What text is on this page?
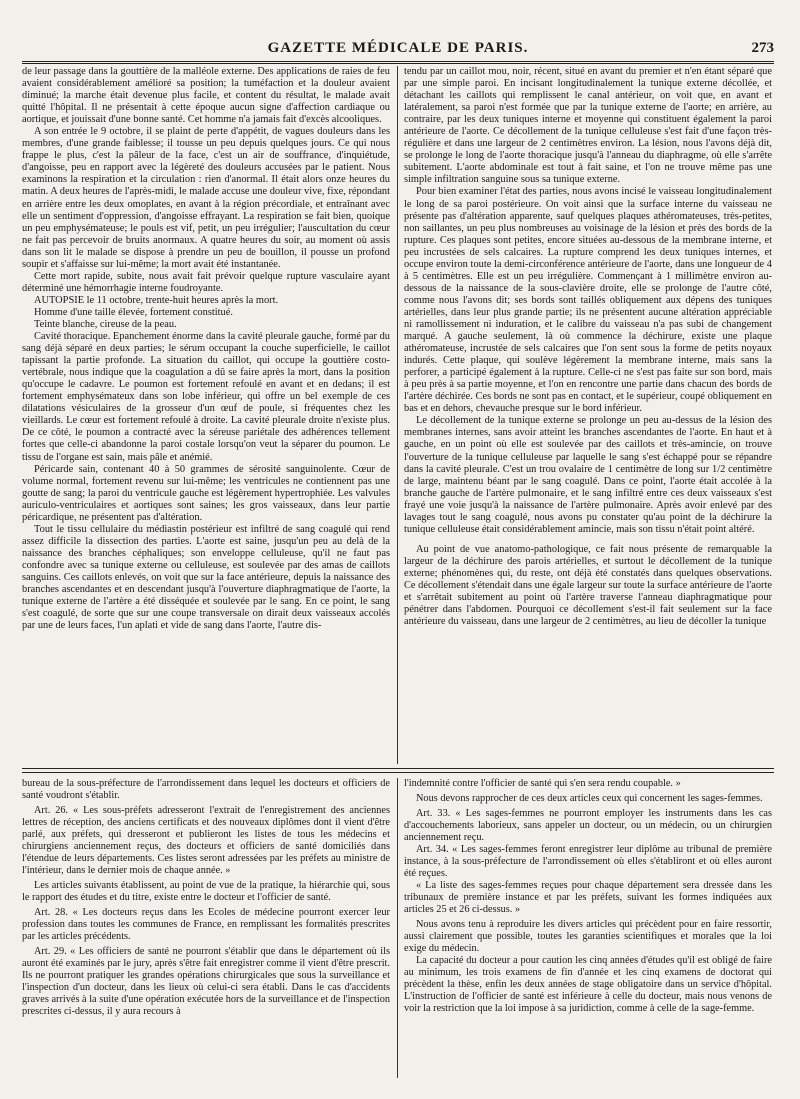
GAZETTE MÉDICALE DE PARIS.	273

de leur passage dans la gouttière de la malléole externe. Des applications de raies de feu avaient considérablement amélioré sa position; la tuméfaction et la douleur avaient diminué; la marche était devenue plus facile, et content du résultat, le malade avait quitté l'hôpital. Il ne présentait à cette époque aucun signe d'affection cardiaque ou aortique, et jouissait d'une bonne santé. Cet homme n'a jamais fait d'excès alcooliques.

A son entrée le 9 octobre, il se plaint de perte d'appétit, de vagues douleurs dans les membres, d'une grande faiblesse; il tousse un peu depuis quelques jours. Ce qui nous frappe le plus, c'est la pâleur de la face, c'est un air de souffrance, d'inquiétude, d'angoisse, peu en rapport avec la légèreté des douleurs accusées par le patient. Nous examinons la respiration et la circulation : rien d'anormal. Il était alors onze heures du matin. A deux heures de l'après-midi, le malade accuse une douleur vive, fixe, répondant en arrière entre les deux omoplates, en avant à la région précordiale, et entraînant avec elle un sentiment d'oppression, d'angoisse effrayant. La respiration se fait bien, quoique un peu emphysémateuse; le pouls est vif, petit, un peu irrégulier; l'auscultation du cœur ne fait pas percevoir de bruits anormaux. A quatre heures du soir, au moment où assis dans son lit le malade se dispose à prendre un peu de bouillon, il pousse un profond soupir et s'affaisse sur lui-même; la mort avait été instantanée.

Cette mort rapide, subite, nous avait fait prévoir quelque rupture vasculaire ayant déterminé une hémorrhagie interne foudroyante.

AUTOPSIE le 11 octobre, trente-huit heures après la mort.

Homme d'une taille élevée, fortement constitué.

Teinte blanche, cireuse de la peau.

Cavité thoracique. Epanchement énorme dans la cavité pleurale gauche, formé par du sang déjà séparé en deux parties; le sérum occupant la couche superficielle, le caillot tapissant la partie profonde. La situation du caillot, qui occupe la gouttière costo-vertébrale, nous indique que la coagulation a dû se faire après la mort, dans la position qu'occupe le cadavre. Le poumon est fortement refoulé en avant et en dedans; il est fortement emphysémateux dans son lobe inférieur, qui offre un bel exemple de ces dilatations vésiculaires de la grosseur d'un œuf de poule, si fréquentes chez les vieillards. Le cœur est fortement refoulé à droite. La cavité pleurale droite n'existe plus. De ce côté, le poumon a contracté avec la séreuse pariétale des adhérences tellement fortes que celle-ci abandonne la paroi costale lorsqu'on veut la séparer du poumon. Le tissu de l'organe est sain, mais pâle et anémié.

Péricarde sain, contenant 40 à 50 grammes de sérosité sanguinolente. Cœur de volume normal, fortement revenu sur lui-même; les ventricules ne contiennent pas une goutte de sang; la paroi du ventricule gauche est légèrement hypertrophiée. Les valvules auriculo-ventriculaires et aortiques sont saines; les gros vaisseaux, dans leur partie péricardique, ne présentent pas d'altération.

Tout le tissu cellulaire du médiastin postérieur est infiltré de sang coagulé qui rend assez difficile la dissection des parties. L'aorte est saine, jusqu'un peu au delà de la naissance des branches céphaliques; son enveloppe celluleuse, qu'il ne faut pas confondre avec sa tunique externe ou celluleuse, est soulevée par des amas de caillots sanguins. Ces caillots enlevés, on voit que sur la face antérieure, depuis la naissance des branches ascendantes et en descendant jusqu'à l'ouverture diaphragmatique de l'aorte, la tunique externe de l'artère a été disséquée et soulevée par le sang. En ce point, le sang s'est coagulé, de sorte que sur une coupe transversale on dirait deux vaisseaux accolés par une de leurs faces, l'un aplati et vide de sang dans l'aorte, l'autre dis-

tendu par un caillot mou, noir, récent, situé en avant du premier et n'en étant séparé que par une simple paroi. En incisant longitudinalement la tunique externe décollée, et détachant les caillots qui remplissent le canal antérieur, on voit que, en avant et latéralement, sa paroi n'est formée que par la tunique externe de l'aorte; en arrière, au contraire, par les deux tuniques interne et moyenne qui constituent également la paroi antérieure de l'aorte. Ce décollement de la tunique celluleuse s'est fait d'une façon très-régulière et dans une largeur de 2 centimètres environ. La lésion, nous l'avons déjà dit, se prolonge le long de l'aorte thoracique jusqu'à l'anneau du diaphragme, où elle s'arrête subitement. L'aorte abdominale est tout à fait saine, et l'on ne trouve même pas une simple infiltration sanguine sous sa tunique externe.

Pour bien examiner l'état des parties, nous avons incisé le vaisseau longitudinalement le long de sa paroi postérieure. On voit ainsi que la surface interne du vaisseau ne présente pas d'altération apparente, sauf quelques plaques athéromateuses, très-petites, non saillantes, un peu plus nombreuses au voisinage de la lésion et près des bords de la rupture. Ces plaques sont petites, encore situées au-dessous de la membrane interne, et peu incrustées de sels calcaires. La rupture comprend les deux tuniques internes, et occupe environ toute la demi-circonférence antérieure de l'aorte, dans une longueur de 4 à 5 centimètres. Elle est un peu irrégulière. Commençant à 1 millimètre environ au-dessous de la naissance de la sous-clavière droite, elle se prolonge de l'autre côté, comme nous l'avons dit; ses bords sont taillés obliquement aux dépens des tuniques artérielles, dans leur plus grande partie; ils ne présentent aucune altération appréciable ni ramollissement ni induration, et le calibre du vaisseau n'a pas subi de changement marqué. A gauche seulement, là où commence la déchirure, existe une plaque athéromateuse, incrustée de sels calcaires que l'on sent sous la forme de petits noyaux indurés. Cette plaque, qui soulève légèrement la membrane interne, mais sans la perforer, a participé également à la rupture. Celle-ci ne s'est pas faite sur son bord, mais à peu près à sa partie moyenne, et l'on en rencontre une partie dans chacun des bords de l'artère déchirée. Ces bords ne sont pas en contact, et le supérieur, coupé obliquement en bas et en dehors, chevauche presque sur le bord inférieur.

Le décollement de la tunique externe se prolonge un peu au-dessus de la lésion des membranes internes, sans avoir atteint les branches ascendantes de l'aorte. En haut et à gauche, en un point où elle est soulevée par des caillots et très-amincie, on trouve l'ouverture de la tunique celluleuse par laquelle le sang s'est échappé pour se répandre dans la cavité pleurale. C'est un trou ovalaire de 1 centimètre de long sur 1/2 centimètre de large, maintenu béant par le sang coagulé. Dans ce point, l'aorte était accolée à la branche gauche de l'artère pulmonaire, et le sang infiltré entre ces deux vaisseaux s'est frayé une voie jusqu'à la naissance de l'artère pulmonaire. Après avoir enlevé par des lavages tout le sang coagulé, nous avons pu constater qu'au point de la déchirure la tunique celluleuse était considérablement amincie, mais son tissu n'était point altéré.

Au point de vue anatomo-pathologique, ce fait nous présente de remarquable la largeur de la déchirure des parois artérielles, et surtout le décollement de la tunique externe; phénomènes qui, du reste, ont déjà été constatés dans quelques observations. Ce décollement s'étendait dans une égale largeur sur toute la surface antérieure de l'aorte et s'arrêtait subitement au point où l'artère traverse l'anneau diaphragmatique pour pénétrer dans l'abdomen. Pourquoi ce décollement s'est-il fait seulement sur la face antérieure du vaisseau, dans une largeur de 2 centimètres, au lieu de décoller la tunique

bureau de la sous-préfecture de l'arrondissement dans lequel les docteurs et officiers de santé voudront s'établir.

Art. 26. « Les sous-préfets adresseront l'extrait de l'enregistrement des anciennes lettres de réception, des anciens certificats et des nouveaux diplômes dont il vient d'être parlé, aux préfets, qui dresseront et publieront les listes de tous les médecins et chirurgiens anciennement reçus, des docteurs et officiers de santé domiciliés dans l'étendue de leurs départements. Ces listes seront adressées par les préfets au ministre de l'intérieur, dans le dernier mois de chaque année. »

Les articles suivants établissent, au point de vue de la pratique, la hiérarchie qui, sous le rapport des études et du titre, existe entre le docteur et l'officier de santé.

Art. 28. « Les docteurs reçus dans les Ecoles de médecine pourront exercer leur profession dans toutes les communes de France, en remplissant les formalités prescrites par les articles précédents.

Art. 29. « Les officiers de santé ne pourront s'établir que dans le département où ils auront été examinés par le jury, après s'être fait enregistrer comme il vient d'être prescrit. Ils ne pourront pratiquer les grandes opérations chirurgicales que sous la surveillance et l'inspection d'un docteur, dans les lieux où celui-ci sera établi. Dans le cas d'accidents graves arrivés à la suite d'une opération exécutée hors de la surveillance et de l'inspection prescrites ci-dessus, il y aura recours à

l'indemnité contre l'officier de santé qui s'en sera rendu coupable. »

Nous devons rapprocher de ces deux articles ceux qui concernent les sages-femmes.

Art. 33. « Les sages-femmes ne pourront employer les instruments dans les cas d'accouchements laborieux, sans appeler un docteur, ou un médecin, ou un chirurgien anciennement reçu.

Art. 34. « Les sages-femmes feront enregistrer leur diplôme au tribunal de première instance, à la sous-préfecture de l'arrondissement où elles s'établiront et où elles auront été reçues.

« La liste des sages-femmes reçues pour chaque département sera dressée dans les tribunaux de première instance et par les préfets, suivant les formes indiquées aux articles 25 et 26 ci-dessus. »

Nous avons tenu à reproduire les divers articles qui précèdent pour en faire ressortir, aussi clairement que possible, toutes les garanties scientifiques et morales que la loi exige du médecin.

La capacité du docteur a pour caution les cinq années d'études qu'il est obligé de faire au minimum, les trois examens de fin d'année et les cinq examens de doctorat qui précèdent la thèse, enfin les deux années de stage obligatoire dans un service d'hôpital. L'instruction de l'officier de santé est inférieure à celle du docteur, mais nous venons de voir la restriction que la loi impose à sa juridiction, comme à celle de la sage-femme.
